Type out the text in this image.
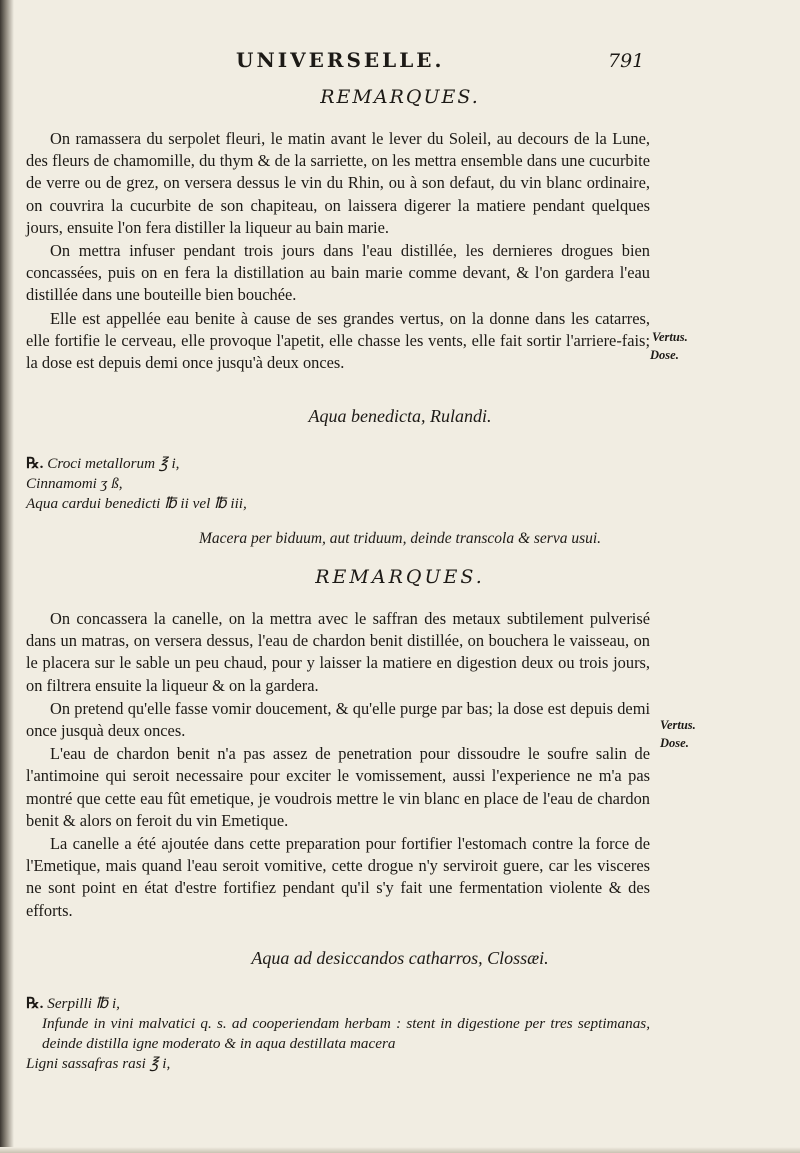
UNIVERSELLE.	791
REMARQUES.

On ramassera du serpolet fleuri, le matin avant le lever du Soleil, au decours de la Lune, des fleurs de chamomille, du thym & de la sarriette, on les mettra ensemble dans une cucurbite de verre ou de grez, on versera dessus le vin du Rhin, ou à son defaut, du vin blanc ordinaire, on couvrira la cucurbite de son chapiteau, on laissera digerer la matiere pendant quelques jours, ensuite l'on fera distiller la liqueur au bain marie.

On mettra infuser pendant trois jours dans l'eau distillée, les dernieres drogues bien concassées, puis on en fera la distillation au bain marie comme devant, & l'on gardera l'eau distillée dans une bouteille bien bouchée.

Elle est appellée eau benite à cause de ses grandes vertus, on la donne dans les catarres, elle fortifie le cerveau, elle provoque l'apetit, elle chasse les vents, elle fait sortir l'arriere-fais; la dose est depuis demi once jusqu'à deux onces.

Vertus.
Dose.
Aqua benedicta, Rulandi.
℞. Croci metallorum ℥ i,
Cinnamomi ʒ ß,
Aqua cardui benedicti ℔ ii vel ℔ iii,
Macera per biduum, aut triduum, deinde transcola & serva usui.
REMARQUES.

On concassera la canelle, on la mettra avec le saffran des metaux subtilement pulverisé dans un matras, on versera dessus, l'eau de chardon benit distillée, on bouchera le vaisseau, on le placera sur le sable un peu chaud, pour y laisser la matiere en digestion deux ou trois jours, on filtrera ensuite la liqueur & on la gardera.

On pretend qu'elle fasse vomir doucement, & qu'elle purge par bas; la dose est depuis demi once jusquà deux onces.

L'eau de chardon benit n'a pas assez de penetration pour dissoudre le soufre salin de l'antimoine qui seroit necessaire pour exciter le vomissement, aussi l'experience ne m'a pas montré que cette eau fût emetique, je voudrois mettre le vin blanc en place de l'eau de chardon benit & alors on feroit du vin Emetique.

La canelle a été ajoutée dans cette preparation pour fortifier l'estomach contre la force de l'Emetique, mais quand l'eau seroit vomitive, cette drogue n'y serviroit guere, car les visceres ne sont point en état d'estre fortifiez pendant qu'il s'y fait une fermentation violente & des efforts.

Vertus.
Dose.
Aqua ad desiccandos catharros, Clossæi.
℞. Serpilli ℔ i,
Infunde in vini malvatici q. s. ad cooperiendam herbam : stent in digestione per tres septimanas, deinde distilla igne moderato & in aqua destillata macera
Ligni sassafras rasi ℥ i,
